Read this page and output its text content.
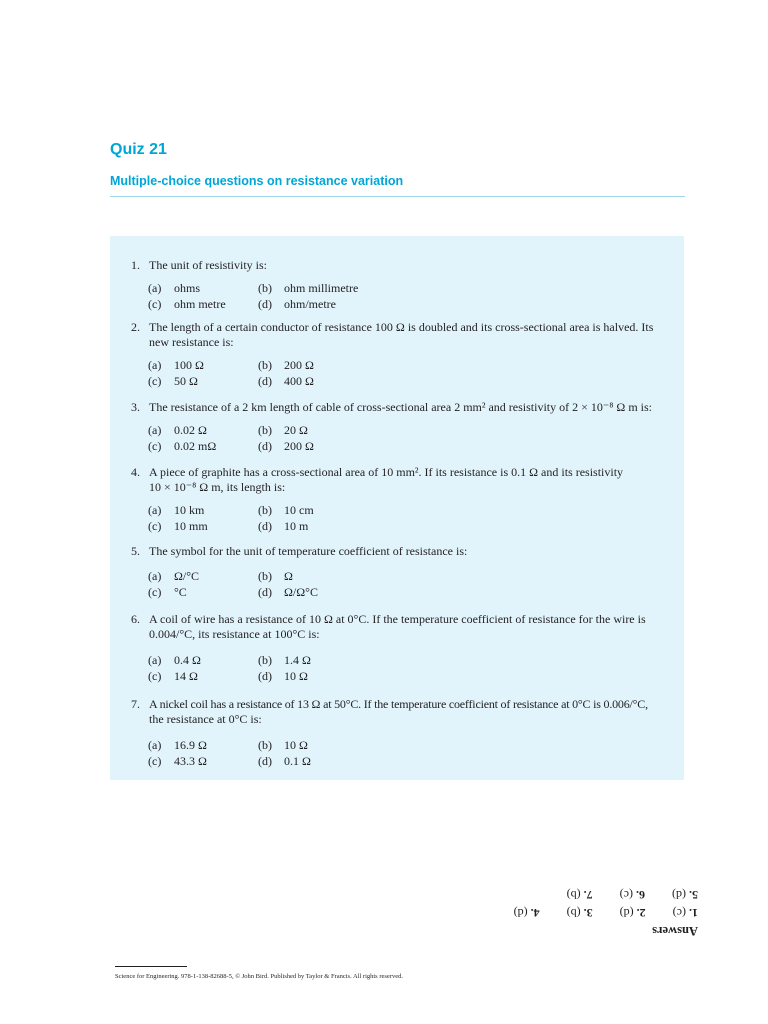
Quiz 21
Multiple-choice questions on resistance variation
1. The unit of resistivity is:
(a) ohms	(b) ohm millimetre
(c) ohm metre	(d) ohm/metre
2. The length of a certain conductor of resistance 100 Ω is doubled and its cross-sectional area is halved. Its
new resistance is:
(a) 100 Ω	(b) 200 Ω
(c) 50 Ω	(d) 400 Ω
3. The resistance of a 2 km length of cable of cross-sectional area 2 mm² and resistivity of 2 × 10⁻⁸ Ω m is:
(a) 0.02 Ω	(b) 20 Ω
(c) 0.02 mΩ	(d) 200 Ω
4. A piece of graphite has a cross-sectional area of 10 mm². If its resistance is 0.1 Ω and its resistivity
10 × 10⁻⁸ Ω m, its length is:
(a) 10 km	(b) 10 cm
(c) 10 mm	(d) 10 m
5. The symbol for the unit of temperature coefficient of resistance is:
(a) Ω/°C	(b) Ω
(c) °C	(d) Ω/Ω°C
6. A coil of wire has a resistance of 10 Ω at 0°C. If the temperature coefficient of resistance for the wire is
0.004/°C, its resistance at 100°C is:
(a) 0.4 Ω	(b) 1.4 Ω
(c) 14 Ω	(d) 10 Ω
7. A nickel coil has a resistance of 13 Ω at 50°C. If the temperature coefficient of resistance at 0°C is 0.006/°C,
the resistance at 0°C is:
(a) 16.9 Ω	(b) 10 Ω
(c) 43.3 Ω	(d) 0.1 Ω
Answers
1. (c) 2. (d) 3. (b) 4. (d)
5. (d) 6. (c) 7. (b)
Science for Engineering. 978-1-138-82688-5, © John Bird. Published by Taylor & Francis. All rights reserved.
